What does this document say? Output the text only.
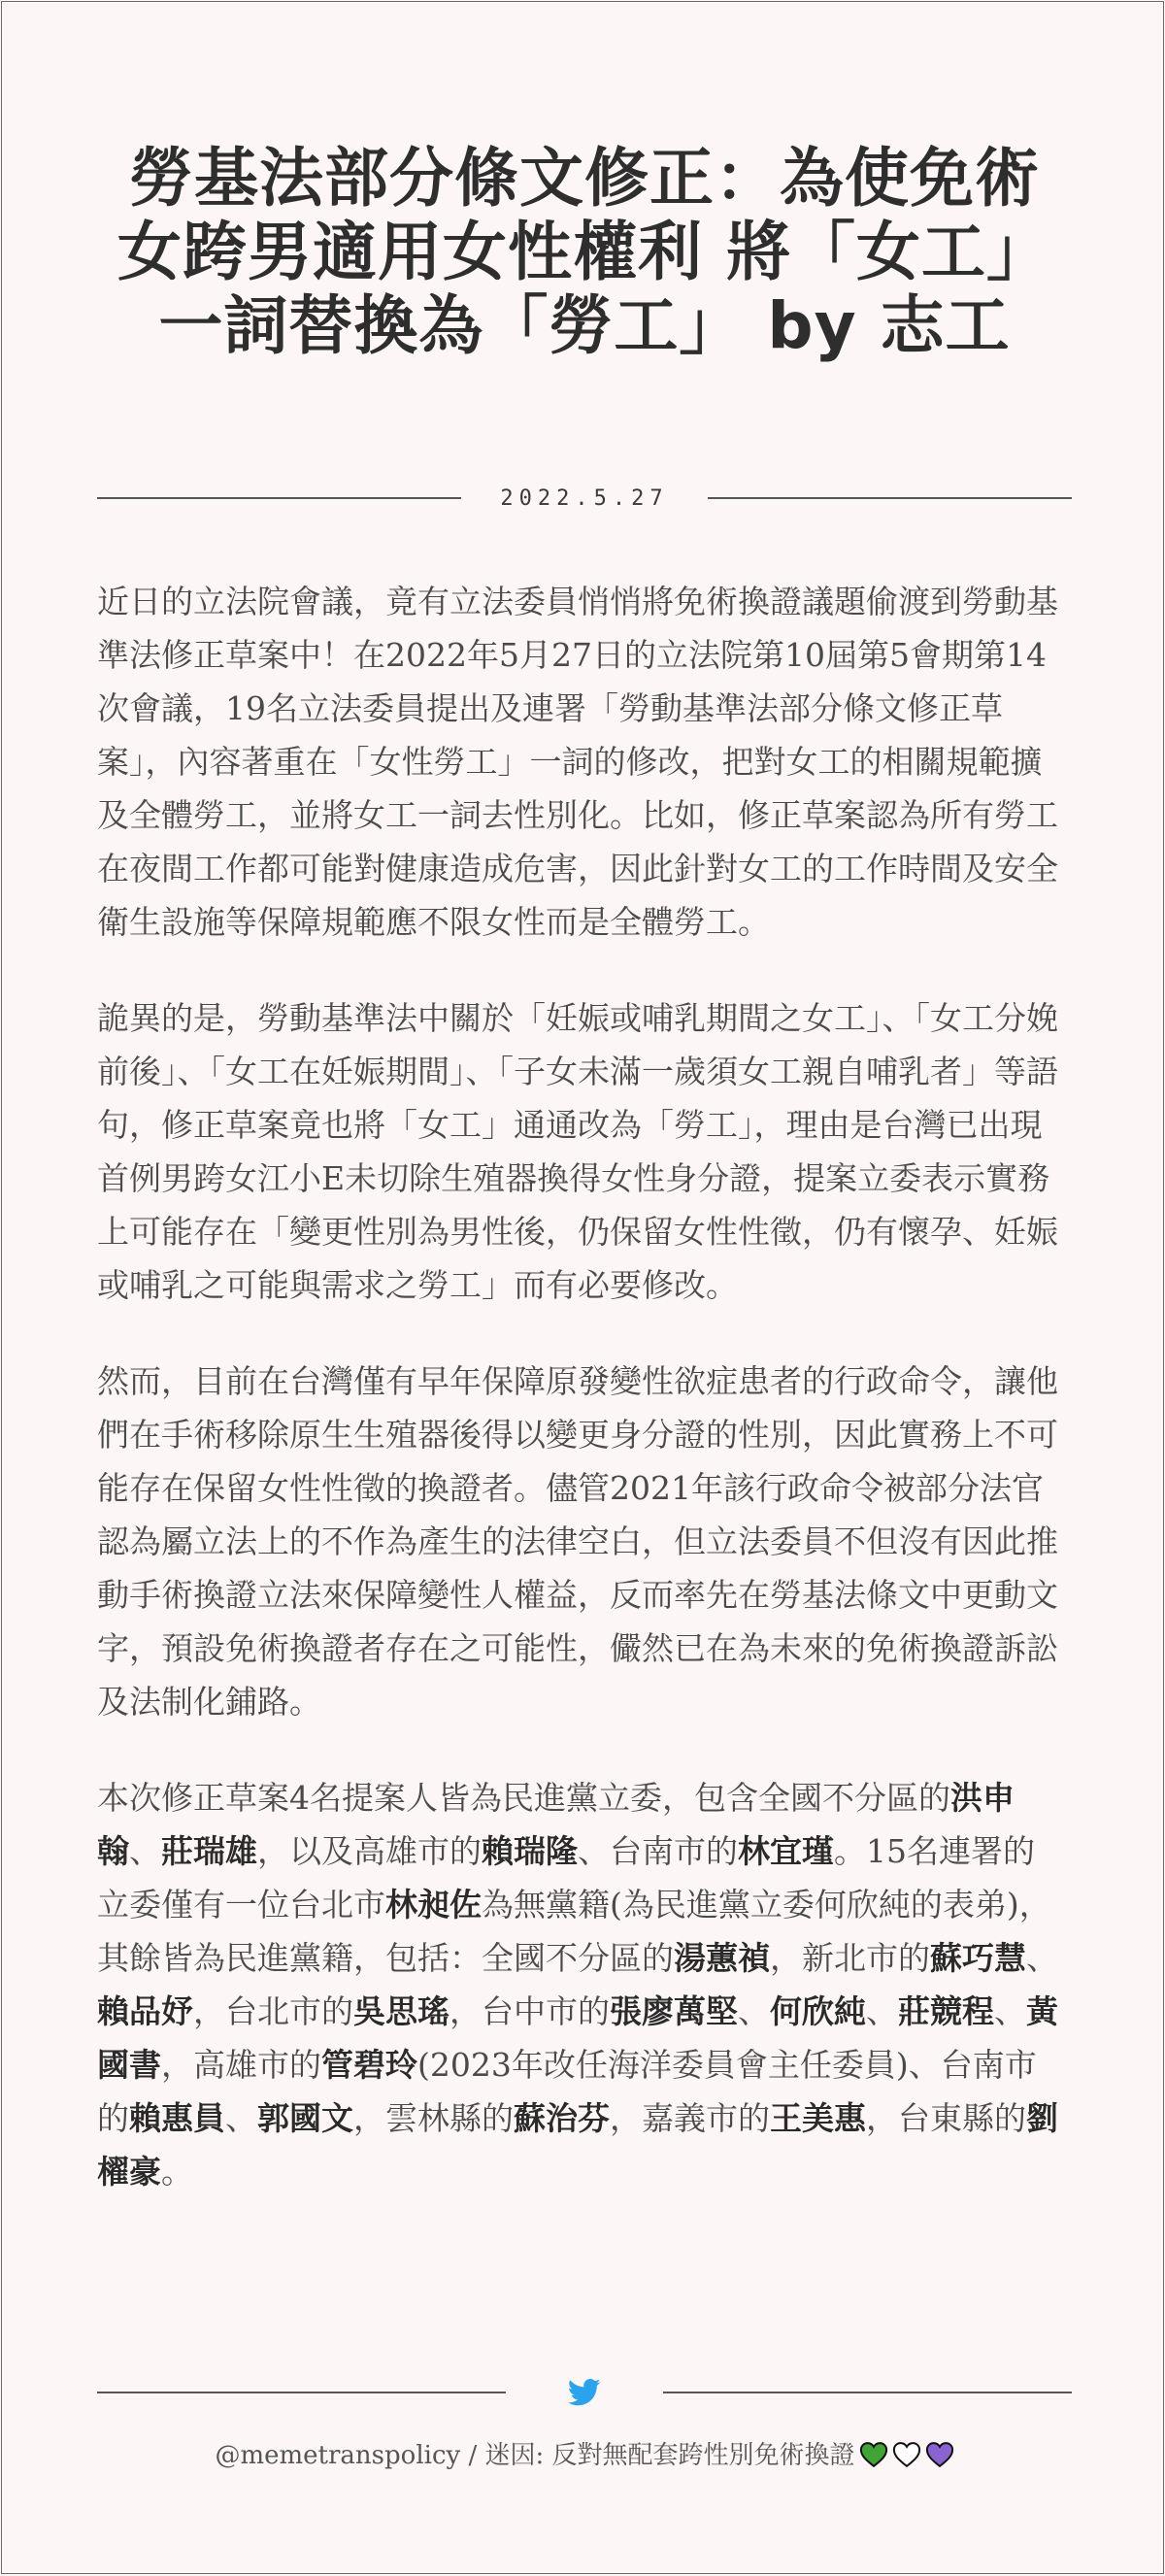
勞基法部分條文修正：為使免術女跨男適用女性權利 將「女工」一詞替換為「勞工」 by 志工
2022.5.27

近日的立法院會議，竟有立法委員悄悄將免術換證議題偷渡到勞動基準法修正草案中！在2022年5月27日的立法院第10屆第5會期第14次會議，19名立法委員提出及連署「勞動基準法部分條文修正草案」，內容著重在「女性勞工」一詞的修改，把對女工的相關規範擴及全體勞工，並將女工一詞去性別化。比如，修正草案認為所有勞工在夜間工作都可能對健康造成危害，因此針對女工的工作時間及安全衛生設施等保障規範應不限女性而是全體勞工。

詭異的是，勞動基準法中關於「妊娠或哺乳期間之女工」、「女工分娩前後」、「女工在妊娠期間」、「子女未滿一歲須女工親自哺乳者」等語句，修正草案竟也將「女工」通通改為「勞工」，理由是台灣已出現首例男跨女江小E未切除生殖器換得女性身分證，提案立委表示實務上可能存在「變更性別為男性後，仍保留女性性徵，仍有懷孕、妊娠或哺乳之可能與需求之勞工」而有必要修改。

然而，目前在台灣僅有早年保障原發變性欲症患者的行政命令，讓他們在手術移除原生生殖器後得以變更身分證的性別，因此實務上不可能存在保留女性性徵的換證者。儘管2021年該行政命令被部分法官認為屬立法上的不作為產生的法律空白，但立法委員不但沒有因此推動手術換證立法來保障變性人權益，反而率先在勞基法條文中更動文字，預設免術換證者存在之可能性，儼然已在為未來的免術換證訴訟及法制化鋪路。

本次修正草案4名提案人皆為民進黨立委，包含全國不分區的洪申翰、莊瑞雄，以及高雄市的賴瑞隆、台南市的林宜瑾。15名連署的立委僅有一位台北市林昶佐為無黨籍(為民進黨立委何欣純的表弟)，其餘皆為民進黨籍，包括：全國不分區的湯蕙禎，新北市的蘇巧慧、賴品妤，台北市的吳思瑤，台中市的張廖萬堅、何欣純、莊競程、黃國書，高雄市的管碧玲(2023年改任海洋委員會主任委員)、台南市的賴惠員、郭國文，雲林縣的蘇治芬，嘉義市的王美惠，台東縣的劉櫂豪。

@memetranspolicy / 迷因: 反對無配套跨性別免術換證
